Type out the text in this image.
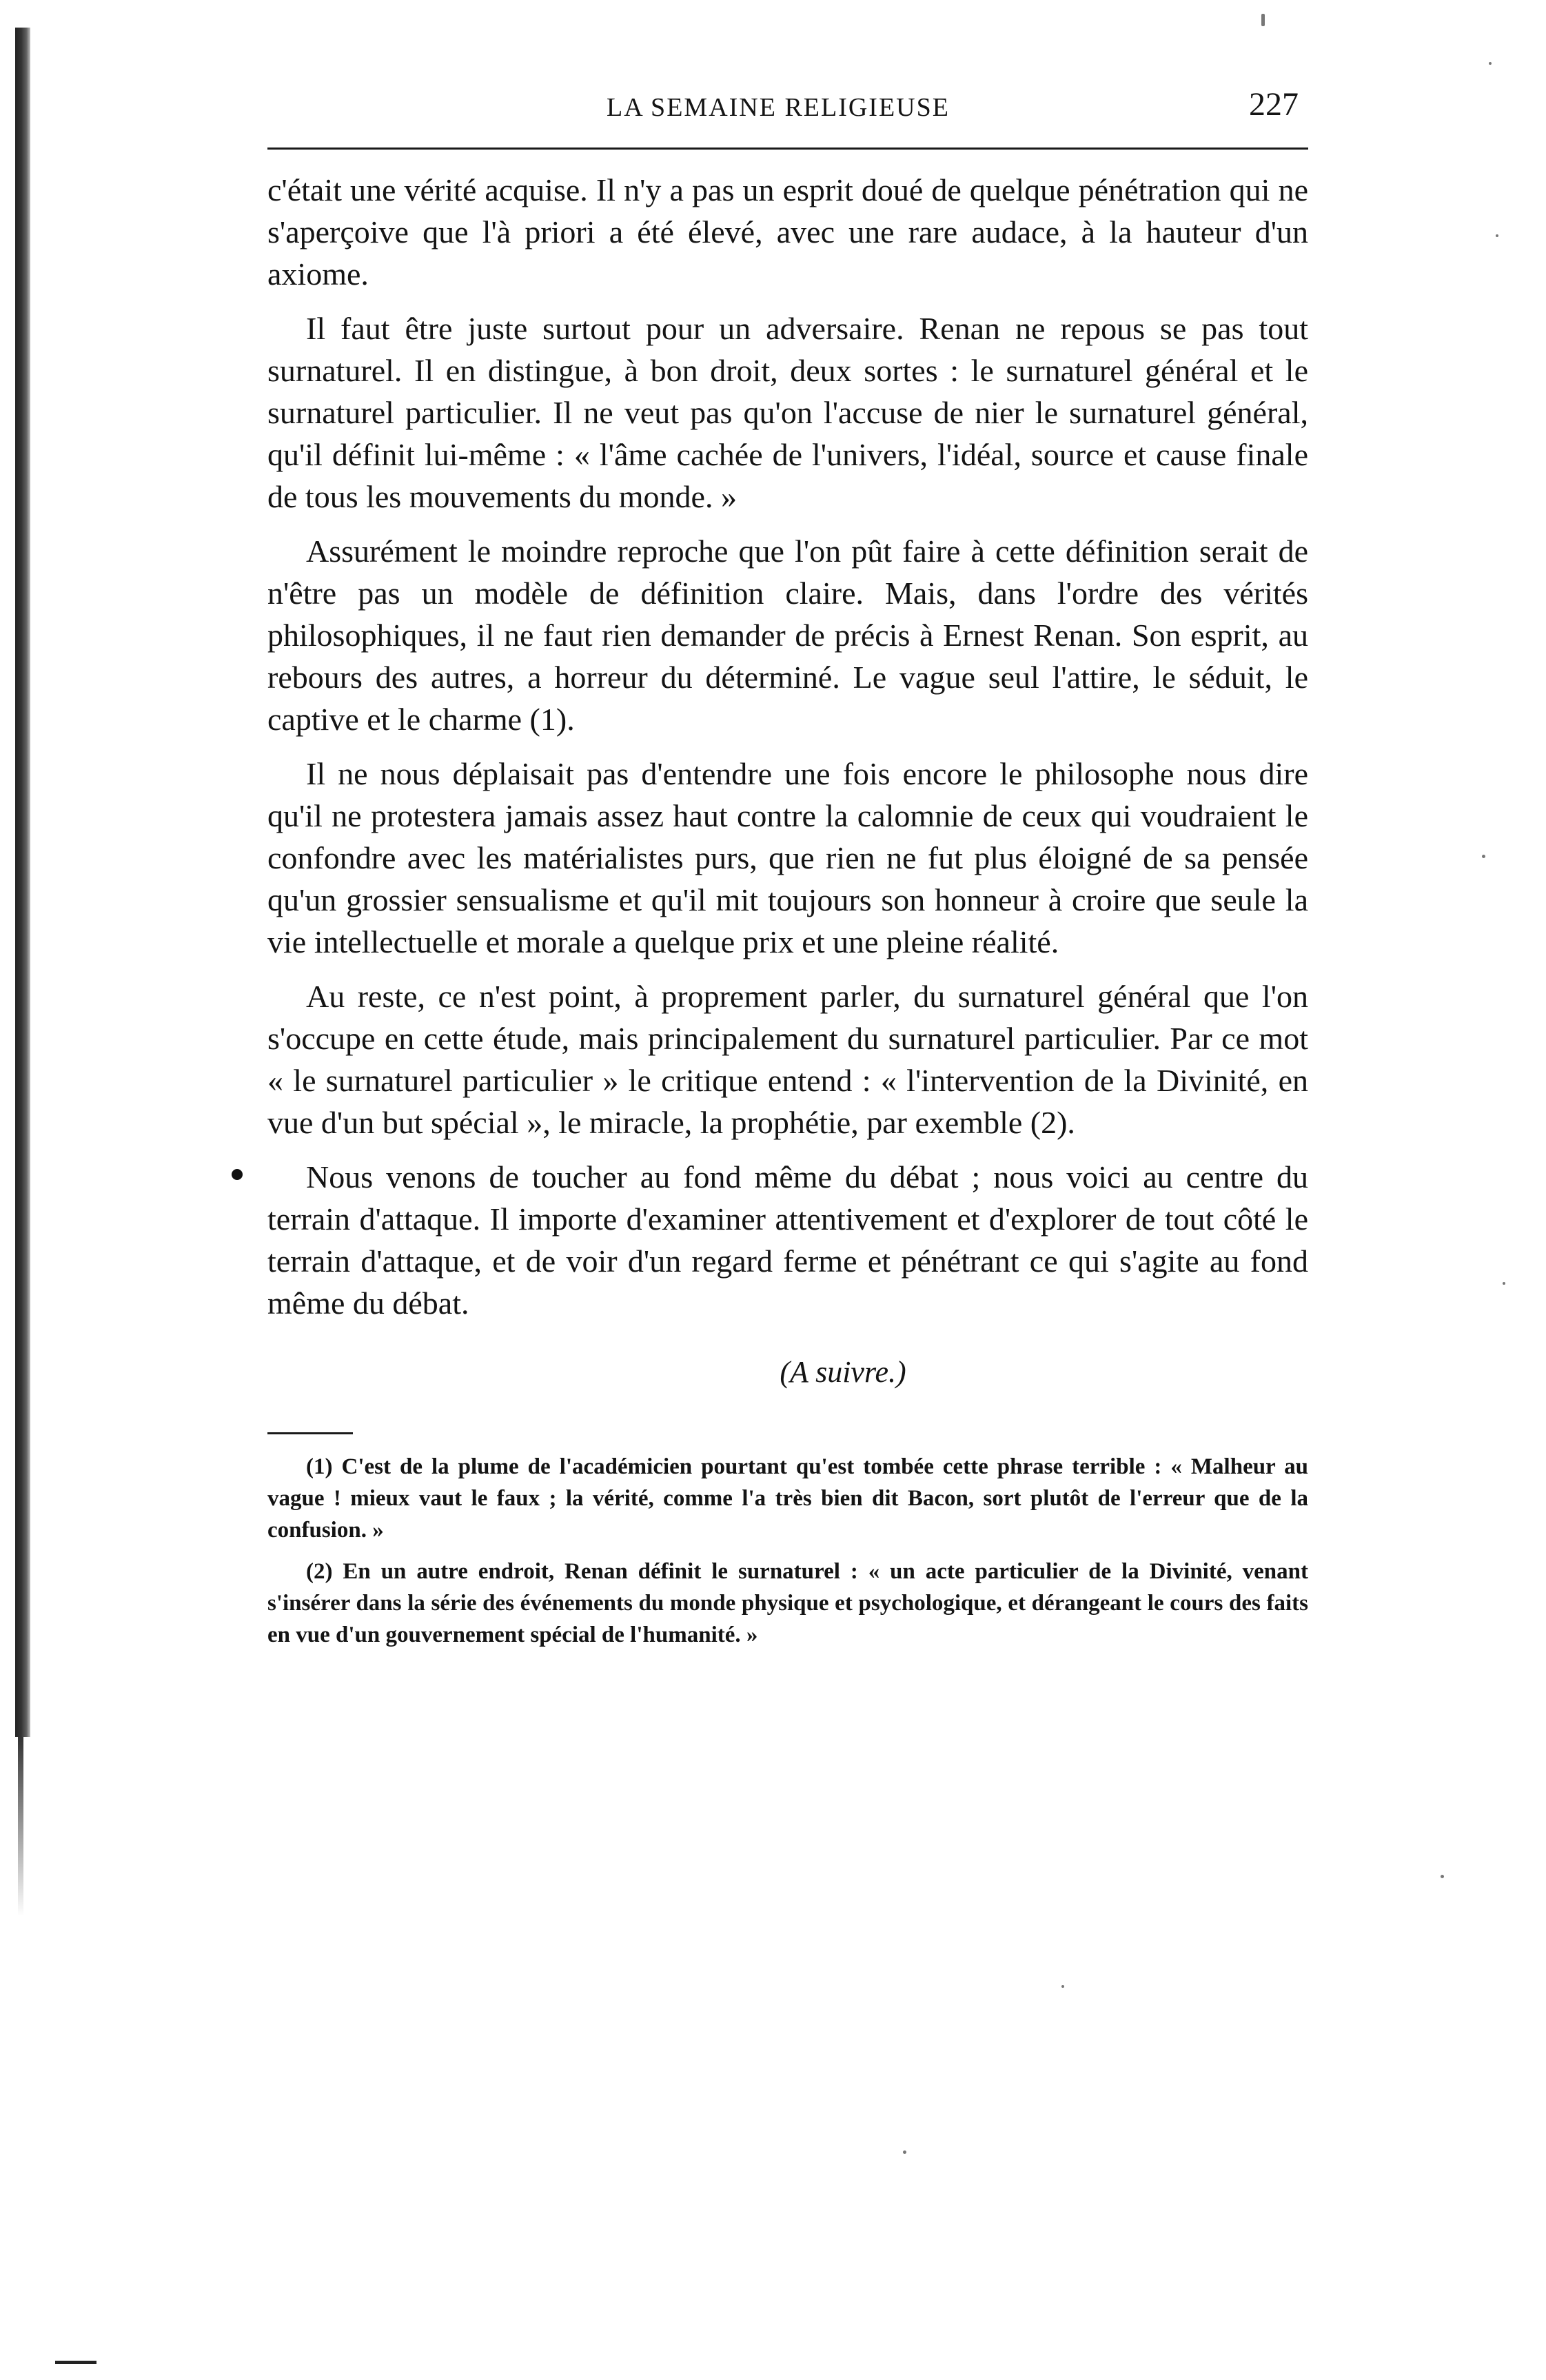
LA SEMAINE RELIGIEUSE	227

c'était une vérité acquise. Il n'y a pas un esprit doué de quelque pénétration qui ne s'aperçoive que l'à priori a été élevé, avec une rare audace, à la hauteur d'un axiome.

Il faut être juste surtout pour un adversaire. Renan ne repous se pas tout surnaturel. Il en distingue, à bon droit, deux sortes : le surnaturel général et le surnaturel particulier. Il ne veut pas qu'on l'accuse de nier le surnaturel général, qu'il définit lui-même : « l'âme cachée de l'univers, l'idéal, source et cause finale de tous les mouvements du monde. »

Assurément le moindre reproche que l'on pût faire à cette définition serait de n'être pas un modèle de définition claire. Mais, dans l'ordre des vérités philosophiques, il ne faut rien demander de précis à Ernest Renan. Son esprit, au rebours des autres, a horreur du déterminé. Le vague seul l'attire, le séduit, le captive et le charme (1).

Il ne nous déplaisait pas d'entendre une fois encore le philosophe nous dire qu'il ne protestera jamais assez haut contre la calomnie de ceux qui voudraient le confondre avec les matérialistes purs, que rien ne fut plus éloigné de sa pensée qu'un grossier sensualisme et qu'il mit toujours son honneur à croire que seule la vie intellectuelle et morale a quelque prix et une pleine réalité.

Au reste, ce n'est point, à proprement parler, du surnaturel général que l'on s'occupe en cette étude, mais principalement du surnaturel particulier. Par ce mot « le surnaturel particulier » le critique entend : « l'intervention de la Divinité, en vue d'un but spécial », le miracle, la prophétie, par exemble (2).

Nous venons de toucher au fond même du débat ; nous voici au centre du terrain d'attaque. Il importe d'examiner attentivement et d'explorer de tout côté le terrain d'attaque, et de voir d'un regard ferme et pénétrant ce qui s'agite au fond même du débat.

(A suivre.)

(1) C'est de la plume de l'académicien pourtant qu'est tombée cette phrase terrible : « Malheur au vague ! mieux vaut le faux ; la vérité, comme l'a très bien dit Bacon, sort plutôt de l'erreur que de la confusion. »

(2) En un autre endroit, Renan définit le surnaturel : « un acte particulier de la Divinité, venant s'insérer dans la série des événements du monde physique et psychologique, et dérangeant le cours des faits en vue d'un gouvernement spécial de l'humanité. »
